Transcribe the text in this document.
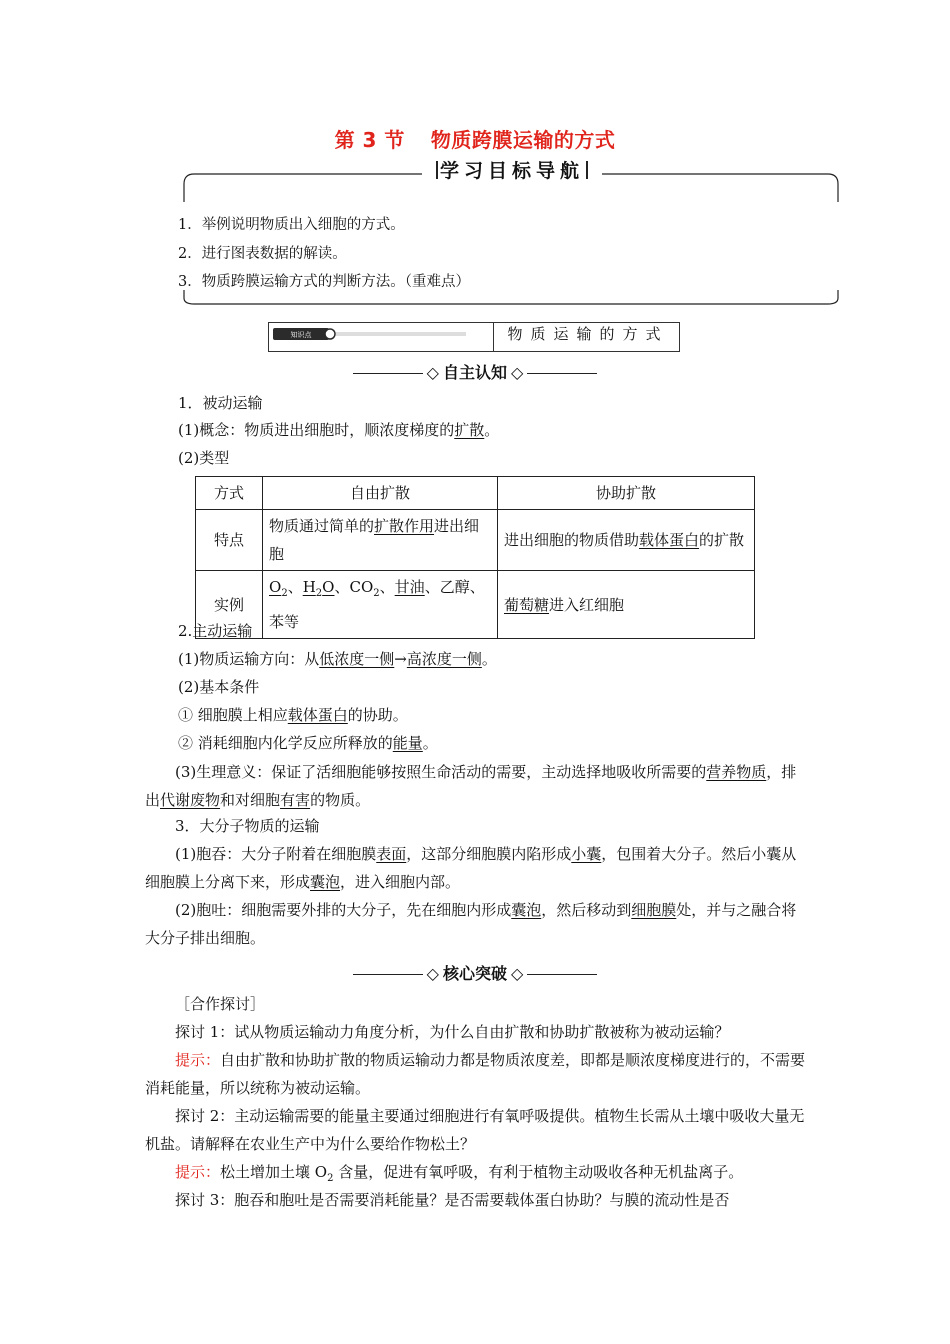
第 3 节 物质跨膜运输的方式
学习目标导航
1．举例说明物质出入细胞的方式。
2．进行图表数据的解读。
3．物质跨膜运输方式的判断方法。（重难点）
知识点	物质运输的方式
◇ 自主认知 ◇
1．被动运输
(1)概念：物质进出细胞时，顺浓度梯度的扩散。
(2)类型
方式	自由扩散	协助扩散
特点	物质通过简单的扩散作用进出细胞	进出细胞的物质借助载体蛋白的扩散
实例	$O_2$、$H_2O$、$CO_2$、甘油、乙醇、苯等	葡萄糖进入红细胞
2.主动运输
(1)物质运输方向：从低浓度一侧→高浓度一侧。
(2)基本条件
① 细胞膜上相应载体蛋白的协助。
② 消耗细胞内化学反应所释放的能量。
(3)生理意义：保证了活细胞能够按照生命活动的需要，主动选择地吸收所需要的营养物质，排出代谢废物和对细胞有害的物质。
3．大分子物质的运输
(1)胞吞：大分子附着在细胞膜表面，这部分细胞膜内陷形成小囊，包围着大分子。然后小囊从细胞膜上分离下来，形成囊泡，进入细胞内部。
(2)胞吐：细胞需要外排的大分子，先在细胞内形成囊泡，然后移动到细胞膜处，并与之融合将大分子排出细胞。
◇ 核心突破 ◇
［合作探讨］
探讨 1：试从物质运输动力角度分析，为什么自由扩散和协助扩散被称为被动运输？
提示：自由扩散和协助扩散的物质运输动力都是物质浓度差，即都是顺浓度梯度进行的，不需要消耗能量，所以统称为被动运输。
探讨 2：主动运输需要的能量主要通过细胞进行有氧呼吸提供。植物生长需从土壤中吸收大量无机盐。请解释在农业生产中为什么要给作物松土？
提示：松土增加土壤 $O_2$ 含量，促进有氧呼吸，有利于植物主动吸收各种无机盐离子。
探讨 3：胞吞和胞吐是否需要消耗能量？是否需要载体蛋白协助？与膜的流动性是否
